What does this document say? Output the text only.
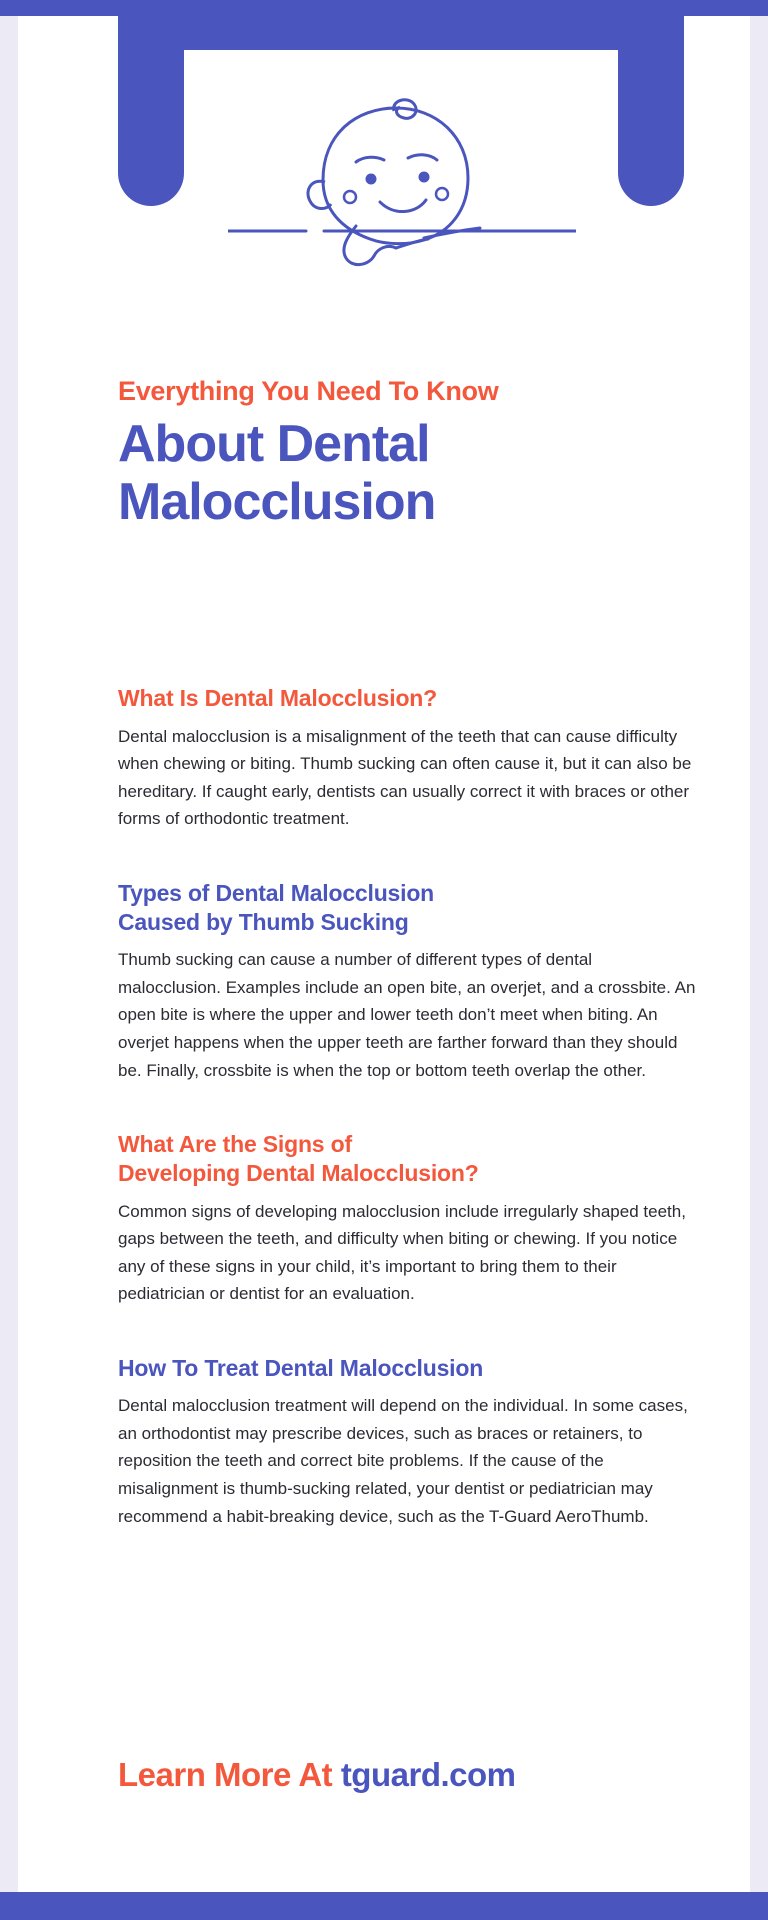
Everything You Need To Know

About Dental
Malocclusion
What Is Dental Malocclusion?

Dental malocclusion is a misalignment of the teeth that can cause difficulty when chewing or biting. Thumb sucking can often cause it, but it can also be hereditary. If caught early, dentists can usually correct it with braces or other forms of orthodontic treatment.

Types of Dental Malocclusion
Caused by Thumb Sucking

Thumb sucking can cause a number of different types of dental malocclusion. Examples include an open bite, an overjet, and a crossbite. An open bite is where the upper and lower teeth don’t meet when biting. An overjet happens when the upper teeth are farther forward than they should be. Finally, crossbite is when the top or bottom teeth overlap the other.

What Are the Signs of
Developing Dental Malocclusion?

Common signs of developing malocclusion include irregularly shaped teeth, gaps between the teeth, and difficulty when biting or chewing. If you notice any of these signs in your child, it’s important to bring them to their pediatrician or dentist for an evaluation.

How To Treat Dental Malocclusion

Dental malocclusion treatment will depend on the individual. In some cases, an orthodontist may prescribe devices, such as braces or retainers, to reposition the teeth and correct bite problems. If the cause of the misalignment is thumb-sucking related, your dentist or pediatrician may recommend a habit-breaking device, such as the T-Guard AeroThumb.

Learn More At tguard.com
